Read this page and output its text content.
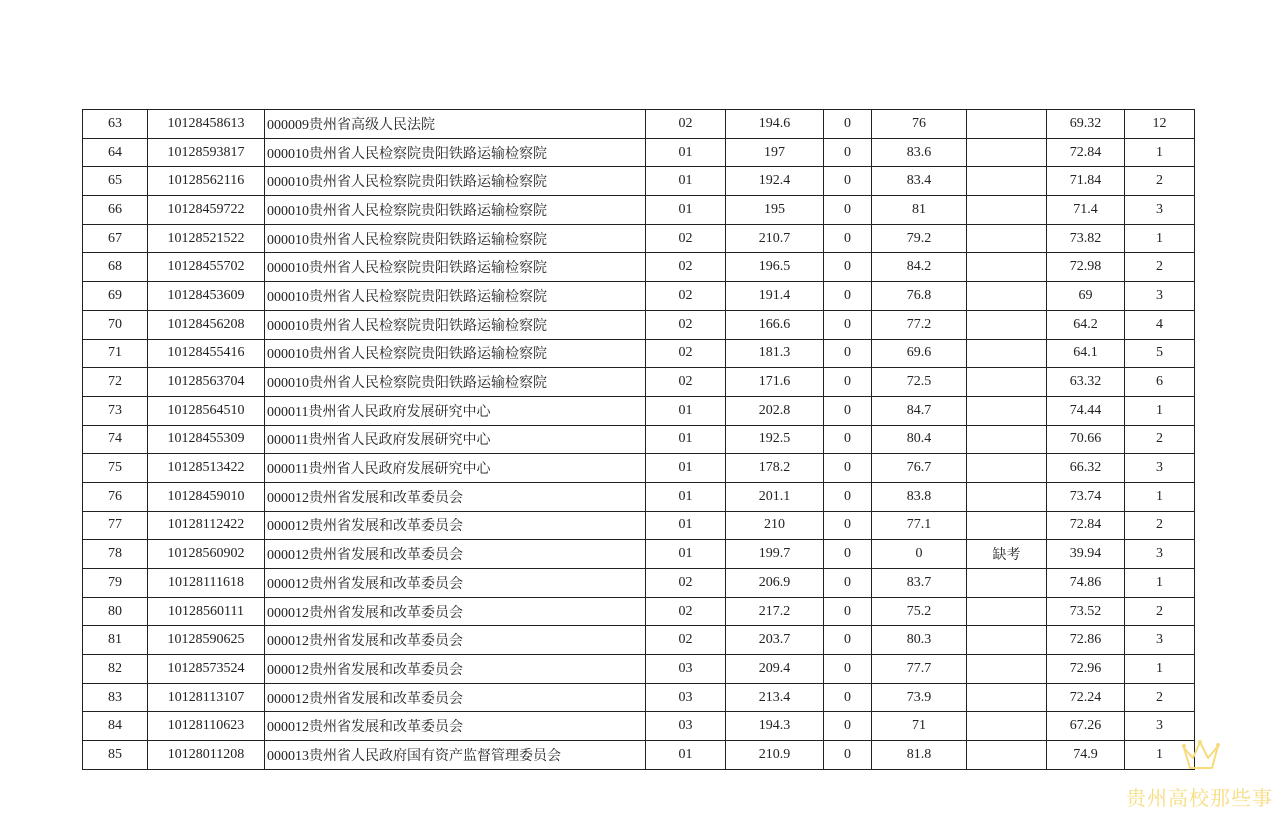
63	10128458613	000009贵州省高级人民法院	02	194.6	0	76		69.32	12
64	10128593817	000010贵州省人民检察院贵阳铁路运输检察院	01	197	0	83.6		72.84	1
65	10128562116	000010贵州省人民检察院贵阳铁路运输检察院	01	192.4	0	83.4		71.84	2
66	10128459722	000010贵州省人民检察院贵阳铁路运输检察院	01	195	0	81		71.4	3
67	10128521522	000010贵州省人民检察院贵阳铁路运输检察院	02	210.7	0	79.2		73.82	1
68	10128455702	000010贵州省人民检察院贵阳铁路运输检察院	02	196.5	0	84.2		72.98	2
69	10128453609	000010贵州省人民检察院贵阳铁路运输检察院	02	191.4	0	76.8		69	3
70	10128456208	000010贵州省人民检察院贵阳铁路运输检察院	02	166.6	0	77.2		64.2	4
71	10128455416	000010贵州省人民检察院贵阳铁路运输检察院	02	181.3	0	69.6		64.1	5
72	10128563704	000010贵州省人民检察院贵阳铁路运输检察院	02	171.6	0	72.5		63.32	6
73	10128564510	000011贵州省人民政府发展研究中心	01	202.8	0	84.7		74.44	1
74	10128455309	000011贵州省人民政府发展研究中心	01	192.5	0	80.4		70.66	2
75	10128513422	000011贵州省人民政府发展研究中心	01	178.2	0	76.7		66.32	3
76	10128459010	000012贵州省发展和改革委员会	01	201.1	0	83.8		73.74	1
77	10128112422	000012贵州省发展和改革委员会	01	210	0	77.1		72.84	2
78	10128560902	000012贵州省发展和改革委员会	01	199.7	0	0	缺考	39.94	3
79	10128111618	000012贵州省发展和改革委员会	02	206.9	0	83.7		74.86	1
80	10128560111	000012贵州省发展和改革委员会	02	217.2	0	75.2		73.52	2
81	10128590625	000012贵州省发展和改革委员会	02	203.7	0	80.3		72.86	3
82	10128573524	000012贵州省发展和改革委员会	03	209.4	0	77.7		72.96	1
83	10128113107	000012贵州省发展和改革委员会	03	213.4	0	73.9		72.24	2
84	10128110623	000012贵州省发展和改革委员会	03	194.3	0	71		67.26	3
85	10128011208	000013贵州省人民政府国有资产监督管理委员会	01	210.9	0	81.8		74.9	1
贵州高校那些事
